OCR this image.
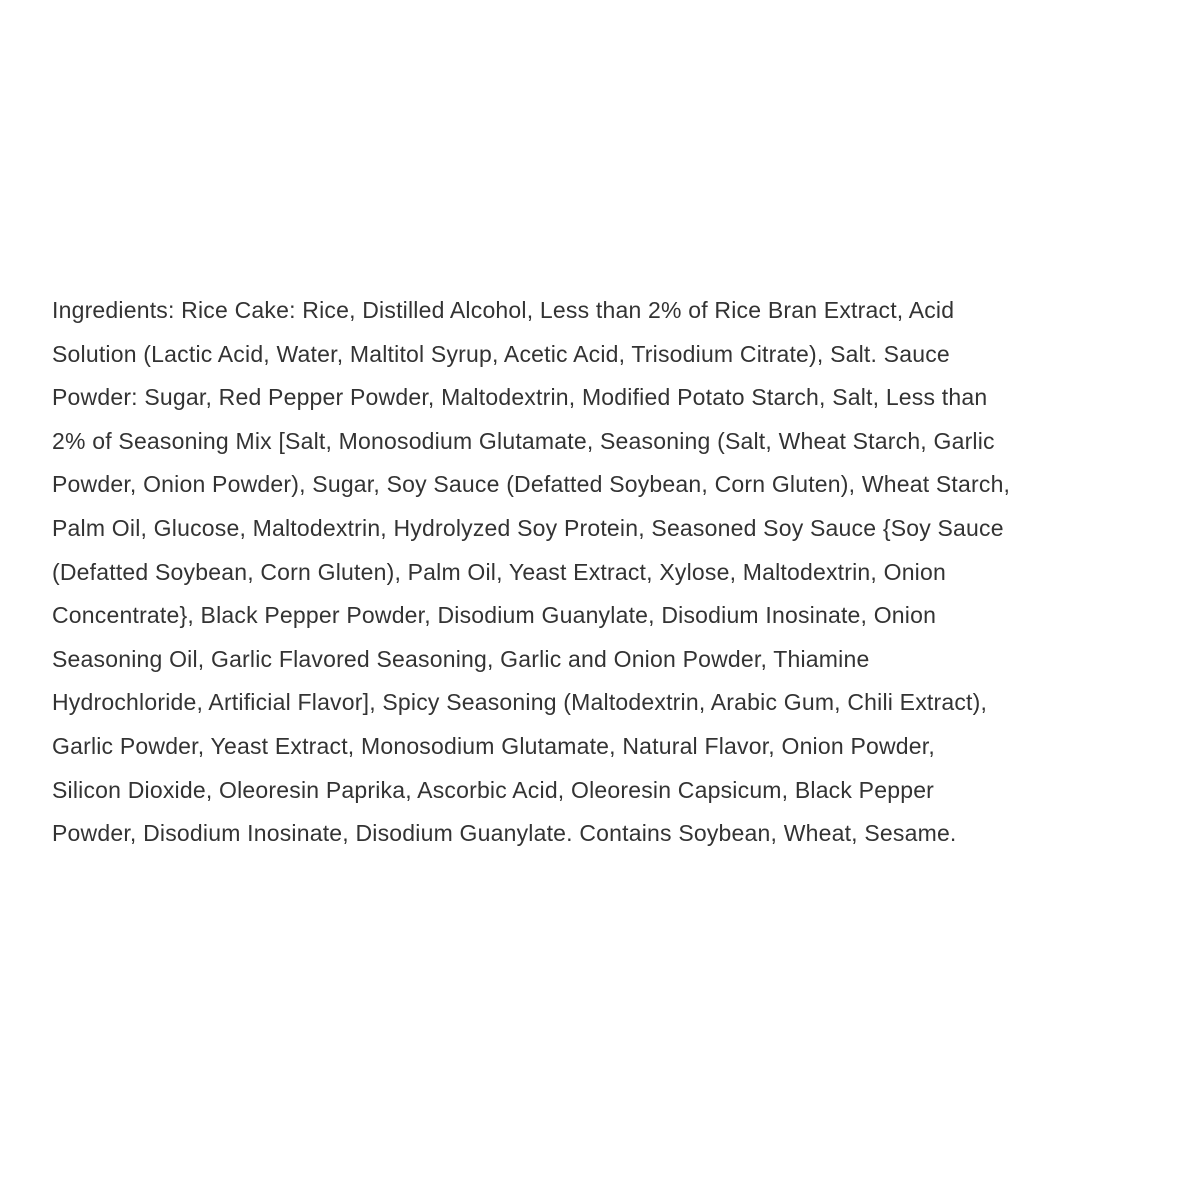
Ingredients: Rice Cake: Rice, Distilled Alcohol, Less than 2% of Rice Bran Extract, Acid
Solution (Lactic Acid, Water, Maltitol Syrup, Acetic Acid, Trisodium Citrate), Salt. Sauce
Powder: Sugar, Red Pepper Powder, Maltodextrin, Modified Potato Starch, Salt, Less than
2% of Seasoning Mix [Salt, Monosodium Glutamate, Seasoning (Salt, Wheat Starch, Garlic
Powder, Onion Powder), Sugar, Soy Sauce (Defatted Soybean, Corn Gluten), Wheat Starch,
Palm Oil, Glucose, Maltodextrin, Hydrolyzed Soy Protein, Seasoned Soy Sauce {Soy Sauce
(Defatted Soybean, Corn Gluten), Palm Oil, Yeast Extract, Xylose, Maltodextrin, Onion
Concentrate}, Black Pepper Powder, Disodium Guanylate, Disodium Inosinate, Onion
Seasoning Oil, Garlic Flavored Seasoning, Garlic and Onion Powder, Thiamine
Hydrochloride, Artificial Flavor], Spicy Seasoning (Maltodextrin, Arabic Gum, Chili Extract),
Garlic Powder, Yeast Extract, Monosodium Glutamate, Natural Flavor, Onion Powder,
Silicon Dioxide, Oleoresin Paprika, Ascorbic Acid, Oleoresin Capsicum, Black Pepper
Powder, Disodium Inosinate, Disodium Guanylate. Contains Soybean, Wheat, Sesame.
